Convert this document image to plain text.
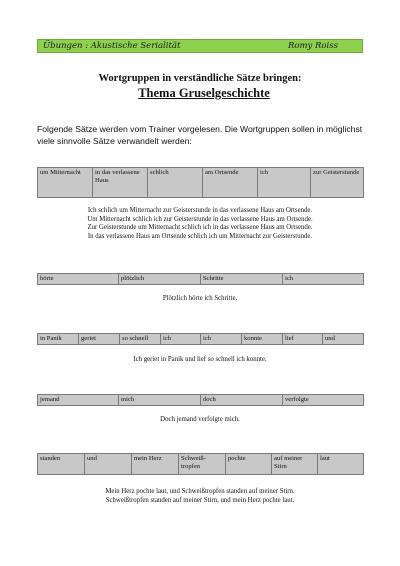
Übungen : Akustische Serialität	Romy Roiss
Wortgruppen in verständliche Sätze bringen:
Thema Gruselgeschichte
Folgende Sätze werden vom Trainer vorgelesen. Die Wortgruppen sollen in möglichst viele sinnvolle Sätze verwandelt werden:
um Mitternacht	in das verlassene Haus	schlich	am Ortsende	ich	zur Geisterstunde
Ich schlich um Mitternacht zur Geisterstunde in das verlassene Haus am Ortsende.
Um Mitternacht schlich ich zur Geisterstunde in das verlassene Haus am Ortsende.
Zur Geisterstunde um Mitternacht schlich ich in das verlassene Haus am Ortsende.
In das verlassene Haus am Ortsende schlich ich um Mitternacht zur Geisterstunde.
hörte	plötzlich	Schritte	ich
Plötzlich hörte ich Schritte.
in Panik	geriet	so schnell	ich	ich	konnte	lief	und
Ich geriet in Panik und lief so schnell ich konnte.
jemand	mich	doch	verfolgte
Doch jemand verfolgte mich.
standen	und	mein Herz	Schweiß-tropfen	pochte	auf meiner Stirn	laut
Mein Herz pochte laut, und Schweißtropfen standen auf meiner Stirn.
Schweißtropfen standen auf meiner Stirn, und mein Herz pochte laut.
